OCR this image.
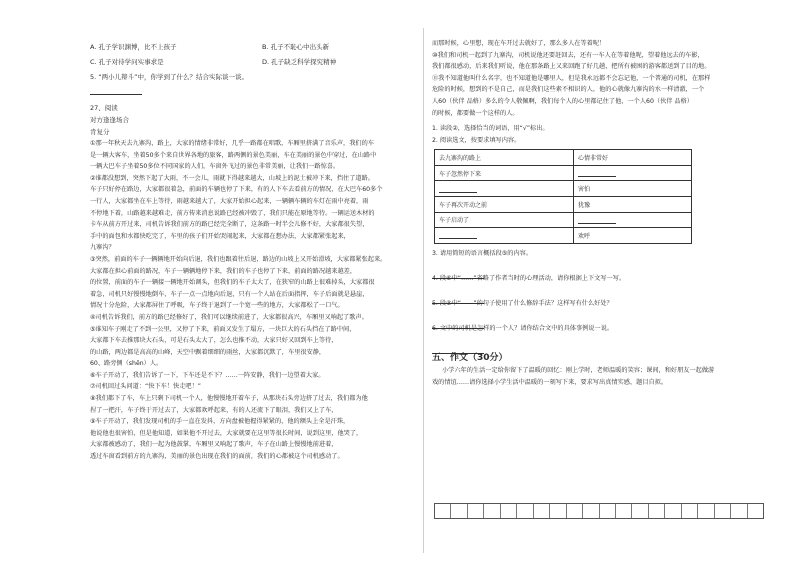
A. 孔子学识渊博，比不上孩子	B. 孔子不恥心中出头新
C. 孔子对待学问实事求是	D. 孔子缺乏科学探究精神
5. “两小儿辩斗”中，你学到了什么？结合实际谈一谈。
27、阅读
对方逢逢场合
肯复分
①那一年秋天去九寨沟，路上，大家的情绪非常好，几乎一路都在唱歌，车厢里挤满了音乐声，我们的车
是一辆大客车，坐着50多个来自世界各地的旅客，路两侧的景色美丽，车在美丽的景色中穿过，在山路中
一辆大巴车子坐着50多位不同国家的人们，车窗外飞过的景色非常美丽，让我们一路惊喜。
②谁都没想到，突然下起了大雨，不一会儿，雨就下得越来越大，山坡上的泥土被冲下来，挡住了道路。
车子只好停在路边，大家都很着急，前面的车辆也停了下来，有的人下车去看前方的情况，在大巴车60多个
一行人，大家都坐在车上等待，雨越来越大了，大家开始担心起来，一辆辆车辆的车灯在雨中亮着，雨
不停地下着，山路越来越难走，前方传来消息说路已经被冲毁了，我们只能在原地等待。一辆运送木材的
卡车从前方开过来，司机告诉我们前方的路已经完全断了，这条路一时半会儿修不好，大家都很失望，
手中的面包和水都快吃完了，车里的孩子们开始哭闹起来，大家都在想办法，大家都紧张起来，
九寨沟？
③突然，前面的车子一辆辆地开始向后退，我们也跟着往后退，路边的山坡上又开始滑坡，大家都紧张起来。
大家都在担心前面的路况，车子一辆辆地停下来，我们的车子也停了下来，前面的路况越来越差，
的位置，前面的车子一辆接一辆地开始调头，但我们的车子太大了，在狭窄的山路上很难掉头，大家都很
着急，司机只好慢慢地倒车，车子一点一点地向后退，只有一个人站在后面指挥，车子后面就是悬崖，
情况十分危险，大家都屏住了呼吸，车子终于退到了一个宽一些的地方，大家都松了一口气。
④司机告诉我们，前方的路已经修好了，我们可以继续前进了，大家都很高兴，车厢里又响起了歌声。
⑤谁知车子刚走了不到一公里，又停了下来，前面又发生了塌方，一块巨大的石头挡在了路中间，
大家都下车去推那块大石头，可是石头太大了，怎么也推不动，大家只好又回到车上等待，
的山路，两边都是高高的山峰，天空中飘着细细的雨丝，大家都沉默了，车里很安静，
60、路旁侧（shēn）人。
⑥车子开动了，我们告诉了一下，下车还是不下？……一阵安静，我们一边望着大家。
⑦司机回过头问道：“快下车！快走吧！”
⑧我们都下了车，车上只剩下司机一个人，他慢慢地开着车子，从那块石头旁边挤了过去，我们都为他
捏了一把汗，车子终于开过去了，大家都欢呼起来，有的人还流下了眼泪，我们又上了车，
⑨车子开动了，我们发现司机的手一直在发抖，方向盘被他握得紧紧的，他的额头上全是汗珠，
他说他也很害怕，但是他知道，如果他不开过去，大家就要在这里等很长时间，说到这里，他哭了，
大家都被感动了，我们一起为他鼓掌，车厢里又响起了歌声，车子在山路上慢慢地前进着，
透过车窗看到前方的九寨沟，美丽的景色出现在我们的面前，我们的心都被这个司机感动了。
而那时候，心里想，现在车开过去就好了，那么多人在等着呢！
⑩我们和司机一起到了九寨沟，司机说他还要赶回去，还有一车人在等着他呢，望着他远去的车影，
我们都很感动，后来我们听说，他在那条路上又来回跑了好几趟，把所有被困的游客都送到了目的地。
⑪我不知道他叫什么名字，也不知道他是哪里人，但是我永远都不会忘记他，一个普通的司机，在那样
危险的时候，想到的不是自己，而是我们这些素不相识的人，他的心就像九寨沟的水一样清澈，一个
人60（伙伴 品格）多么的令人敬佩啊，我们每个人的心里都记住了他，一个人60（伙伴 品格）
的时候，都要做一个这样的人。
1. 读段②，选择恰当的词语，用“√”标出。
2. 阅读选文，按要求填写内容。
去九寨沟的路上	心情非常好
车子忽然停下来	
	害怕
车子再次开动之前	犹豫
车子启动了	
	欢呼
3. 请用简短的语言概括段⑤的内容。
4. 段⑥中“……”省略了作者当时的心理活动，请你根据上下文写一写。
5. 段⑨中“——”的句子使用了什么修辞手法？这样写有什么好处？
6. 文中的司机是怎样的一个人？请你结合文中的具体事例说一说。
五、作文（30分）
小学六年的生活一定给你留下了温暖的回忆：刚上学时，老师温暖的笑容；课间，和好朋友一起做游
戏的情谊……请你选择小学生活中温暖的一刻写下来，要求写出真情实感，题目自拟。
